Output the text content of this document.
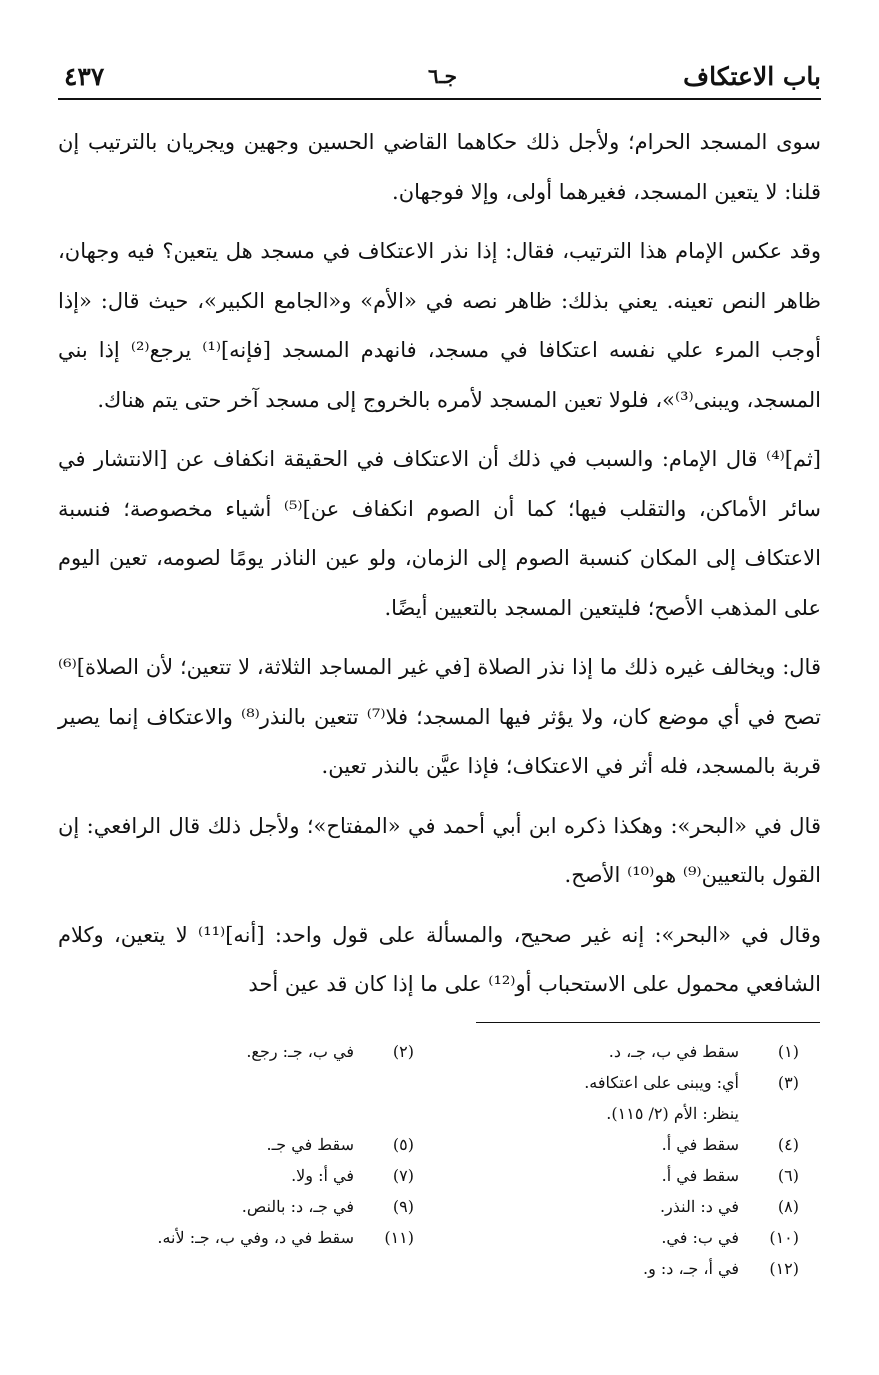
باب الاعتكاف
جـ٦
٤٣٧

سوى المسجد الحرام؛ ولأجل ذلك حكاهما القاضي الحسين وجهين ويجريان بالترتيب إن قلنا: لا يتعين المسجد، فغيرهما أولى، وإلا فوجهان.

وقد عكس الإمام هذا الترتيب، فقال: إذا نذر الاعتكاف في مسجد هل يتعين؟ فيه وجهان، ظاهر النص تعينه. يعني بذلك: ظاهر نصه في «الأم» و«الجامع الكبير»، حيث قال: «إذا أوجب المرء علي نفسه اعتكافا في مسجد، فانهدم المسجد [فإنه]⁽¹⁾ يرجع⁽²⁾ إذا بني المسجد، ويبنى⁽³⁾»، فلولا تعين المسجد لأمره بالخروج إلى مسجد آخر حتى يتم هناك.

[ثم]⁽⁴⁾ قال الإمام: والسبب في ذلك أن الاعتكاف في الحقيقة انكفاف عن [الانتشار في سائر الأماكن، والتقلب فيها؛ كما أن الصوم انكفاف عن]⁽⁵⁾ أشياء مخصوصة؛ فنسبة الاعتكاف إلى المكان كنسبة الصوم إلى الزمان، ولو عين الناذر يومًا لصومه، تعين اليوم على المذهب الأصح؛ فليتعين المسجد بالتعيين أيضًا.

قال: ويخالف غيره ذلك ما إذا نذر الصلاة [في غير المساجد الثلاثة، لا تتعين؛ لأن الصلاة]⁽⁶⁾ تصح في أي موضع كان، ولا يؤثر فيها المسجد؛ فلا⁽⁷⁾ تتعين بالنذر⁽⁸⁾ والاعتكاف إنما يصير قربة بالمسجد، فله أثر في الاعتكاف؛ فإذا عيَّن بالنذر تعين.

قال في «البحر»: وهكذا ذكره ابن أبي أحمد في «المفتاح»؛ ولأجل ذلك قال الرافعي: إن القول بالتعيين⁽⁹⁾ هو⁽¹⁰⁾ الأصح.

وقال في «البحر»: إنه غير صحيح، والمسألة على قول واحد: [أنه]⁽¹¹⁾ لا يتعين، وكلام الشافعي محمول على الاستحباب أو⁽¹²⁾ على ما إذا كان قد عين أحد

(١)
سقط في ب، جـ، د.
(٣)
أي: ويبنى على اعتكافه.
ينظر: الأم (٢/ ١١٥).
(٤)
سقط في أ.
(٦)
سقط في أ.
(٨)
في د: النذر.
(١٠)
في ب: في.
(١٢)
في أ، جـ، د: و.
(٢)
في ب، جـ: رجع.
(٥)
سقط في جـ.
(٧)
في أ: ولا.
(٩)
في جـ، د: بالنص.
(١١)
سقط في د، وفي ب، جـ: لأنه.
